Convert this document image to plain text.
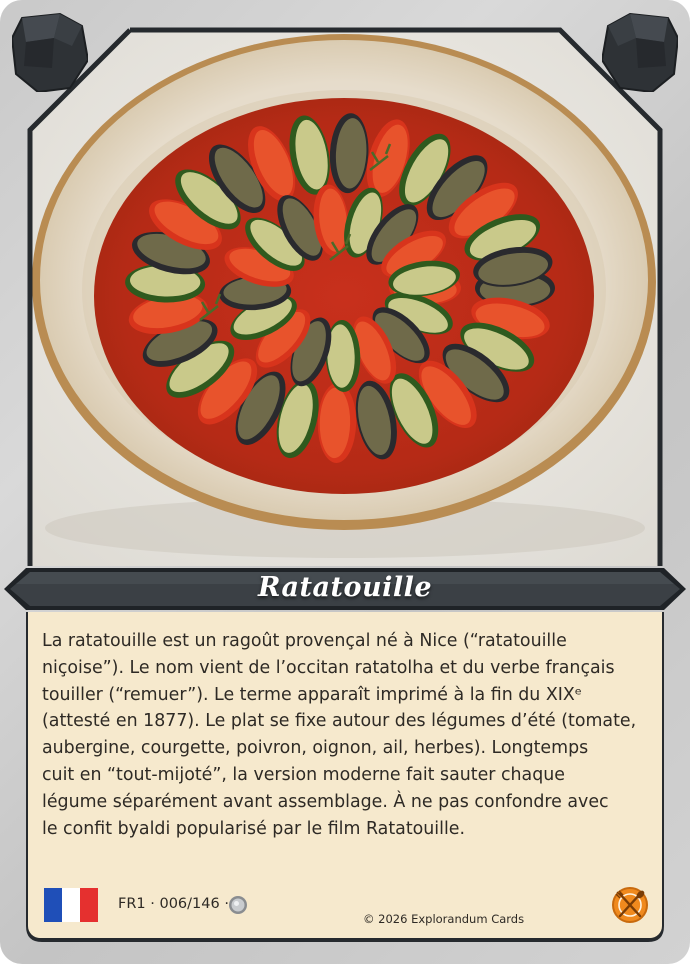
Ratatouille

La ratatouille est un ragoût provençal né à Nice (“ratatouille

niçoise”). Le nom vient de l’occitan ratatolha et du verbe français

touiller (“remuer”). Le terme apparaît imprimé à la fin du XIXᵉ

(attesté en 1877). Le plat se fixe autour des légumes d’été (tomate,

aubergine, courgette, poivron, oignon, ail, herbes). Longtemps

cuit en “tout-mijoté”, la version moderne fait sauter chaque

légume séparément avant assemblage. À ne pas confondre avec

le confit byaldi popularisé par le film Ratatouille.

FR1 · 006/146 ·
© 2026 Explorandum Cards
